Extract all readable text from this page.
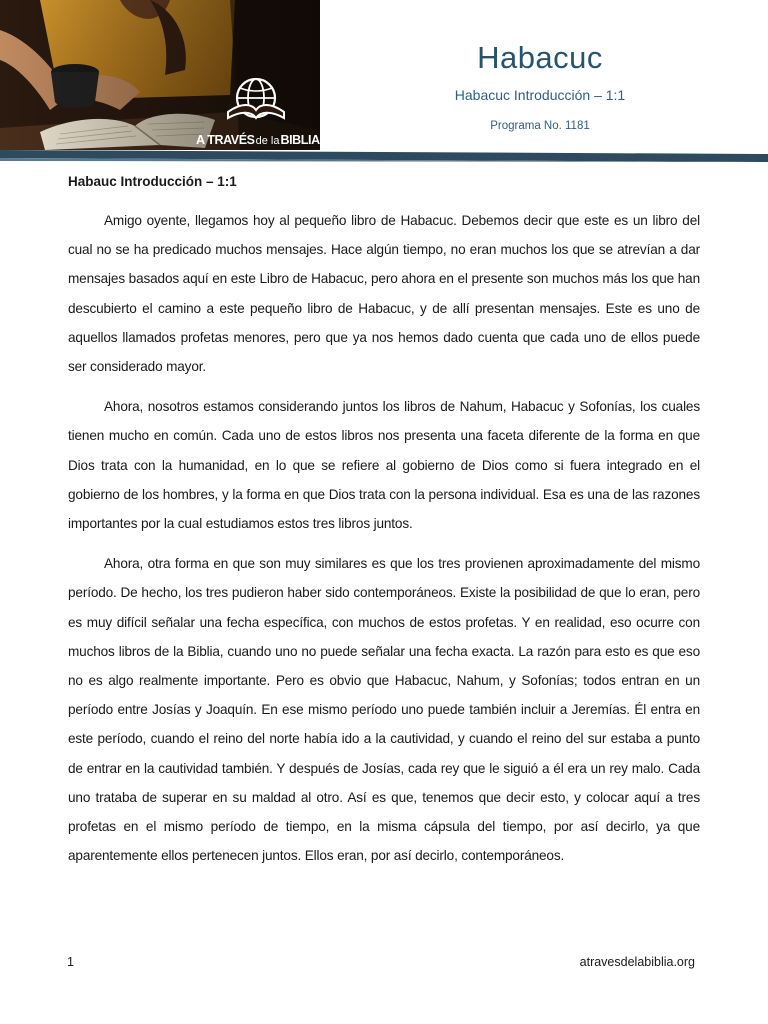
A TRAVÉSde laBIBLIA
Habacuc
Habacuc Introducción – 1:1
Programa No. 1181
Habauc Introducción – 1:1

Amigo oyente, llegamos hoy al pequeño libro de Habacuc. Debemos decir que este es un libro del cual no se ha predicado muchos mensajes. Hace algún tiempo, no eran muchos los que se atrevían a dar mensajes basados aquí en este Libro de Habacuc, pero ahora en el presente son muchos más los que han descubierto el camino a este pequeño libro de Habacuc, y de allí presentan mensajes. Este es uno de aquellos llamados profetas menores, pero que ya nos hemos dado cuenta que cada uno de ellos puede ser considerado mayor.

Ahora, nosotros estamos considerando juntos los libros de Nahum, Habacuc y Sofonías, los cuales tienen mucho en común. Cada uno de estos libros nos presenta una faceta diferente de la forma en que Dios trata con la humanidad, en lo que se refiere al gobierno de Dios como si fuera integrado en el gobierno de los hombres, y la forma en que Dios trata con la persona individual. Esa es una de las razones importantes por la cual estudiamos estos tres libros juntos.

Ahora, otra forma en que son muy similares es que los tres provienen aproximadamente del mismo período. De hecho, los tres pudieron haber sido contemporáneos. Existe la posibilidad de que lo eran, pero es muy difícil señalar una fecha específica, con muchos de estos profetas. Y en realidad, eso ocurre con muchos libros de la Biblia, cuando uno no puede señalar una fecha exacta. La razón para esto es que eso no es algo realmente importante. Pero es obvio que Habacuc, Nahum, y Sofonías; todos entran en un período entre Josías y Joaquín. En ese mismo período uno puede también incluir a Jeremías. Él entra en este período, cuando el reino del norte había ido a la cautividad, y cuando el reino del sur estaba a punto de entrar en la cautividad también. Y después de Josías, cada rey que le siguió a él era un rey malo. Cada uno trataba de superar en su maldad al otro. Así es que, tenemos que decir esto, y colocar aquí a tres profetas en el mismo período de tiempo, en la misma cápsula del tiempo, por así decirlo, ya que aparentemente ellos pertenecen juntos. Ellos eran, por así decirlo, contemporáneos.

1	atravesdelabiblia.org
